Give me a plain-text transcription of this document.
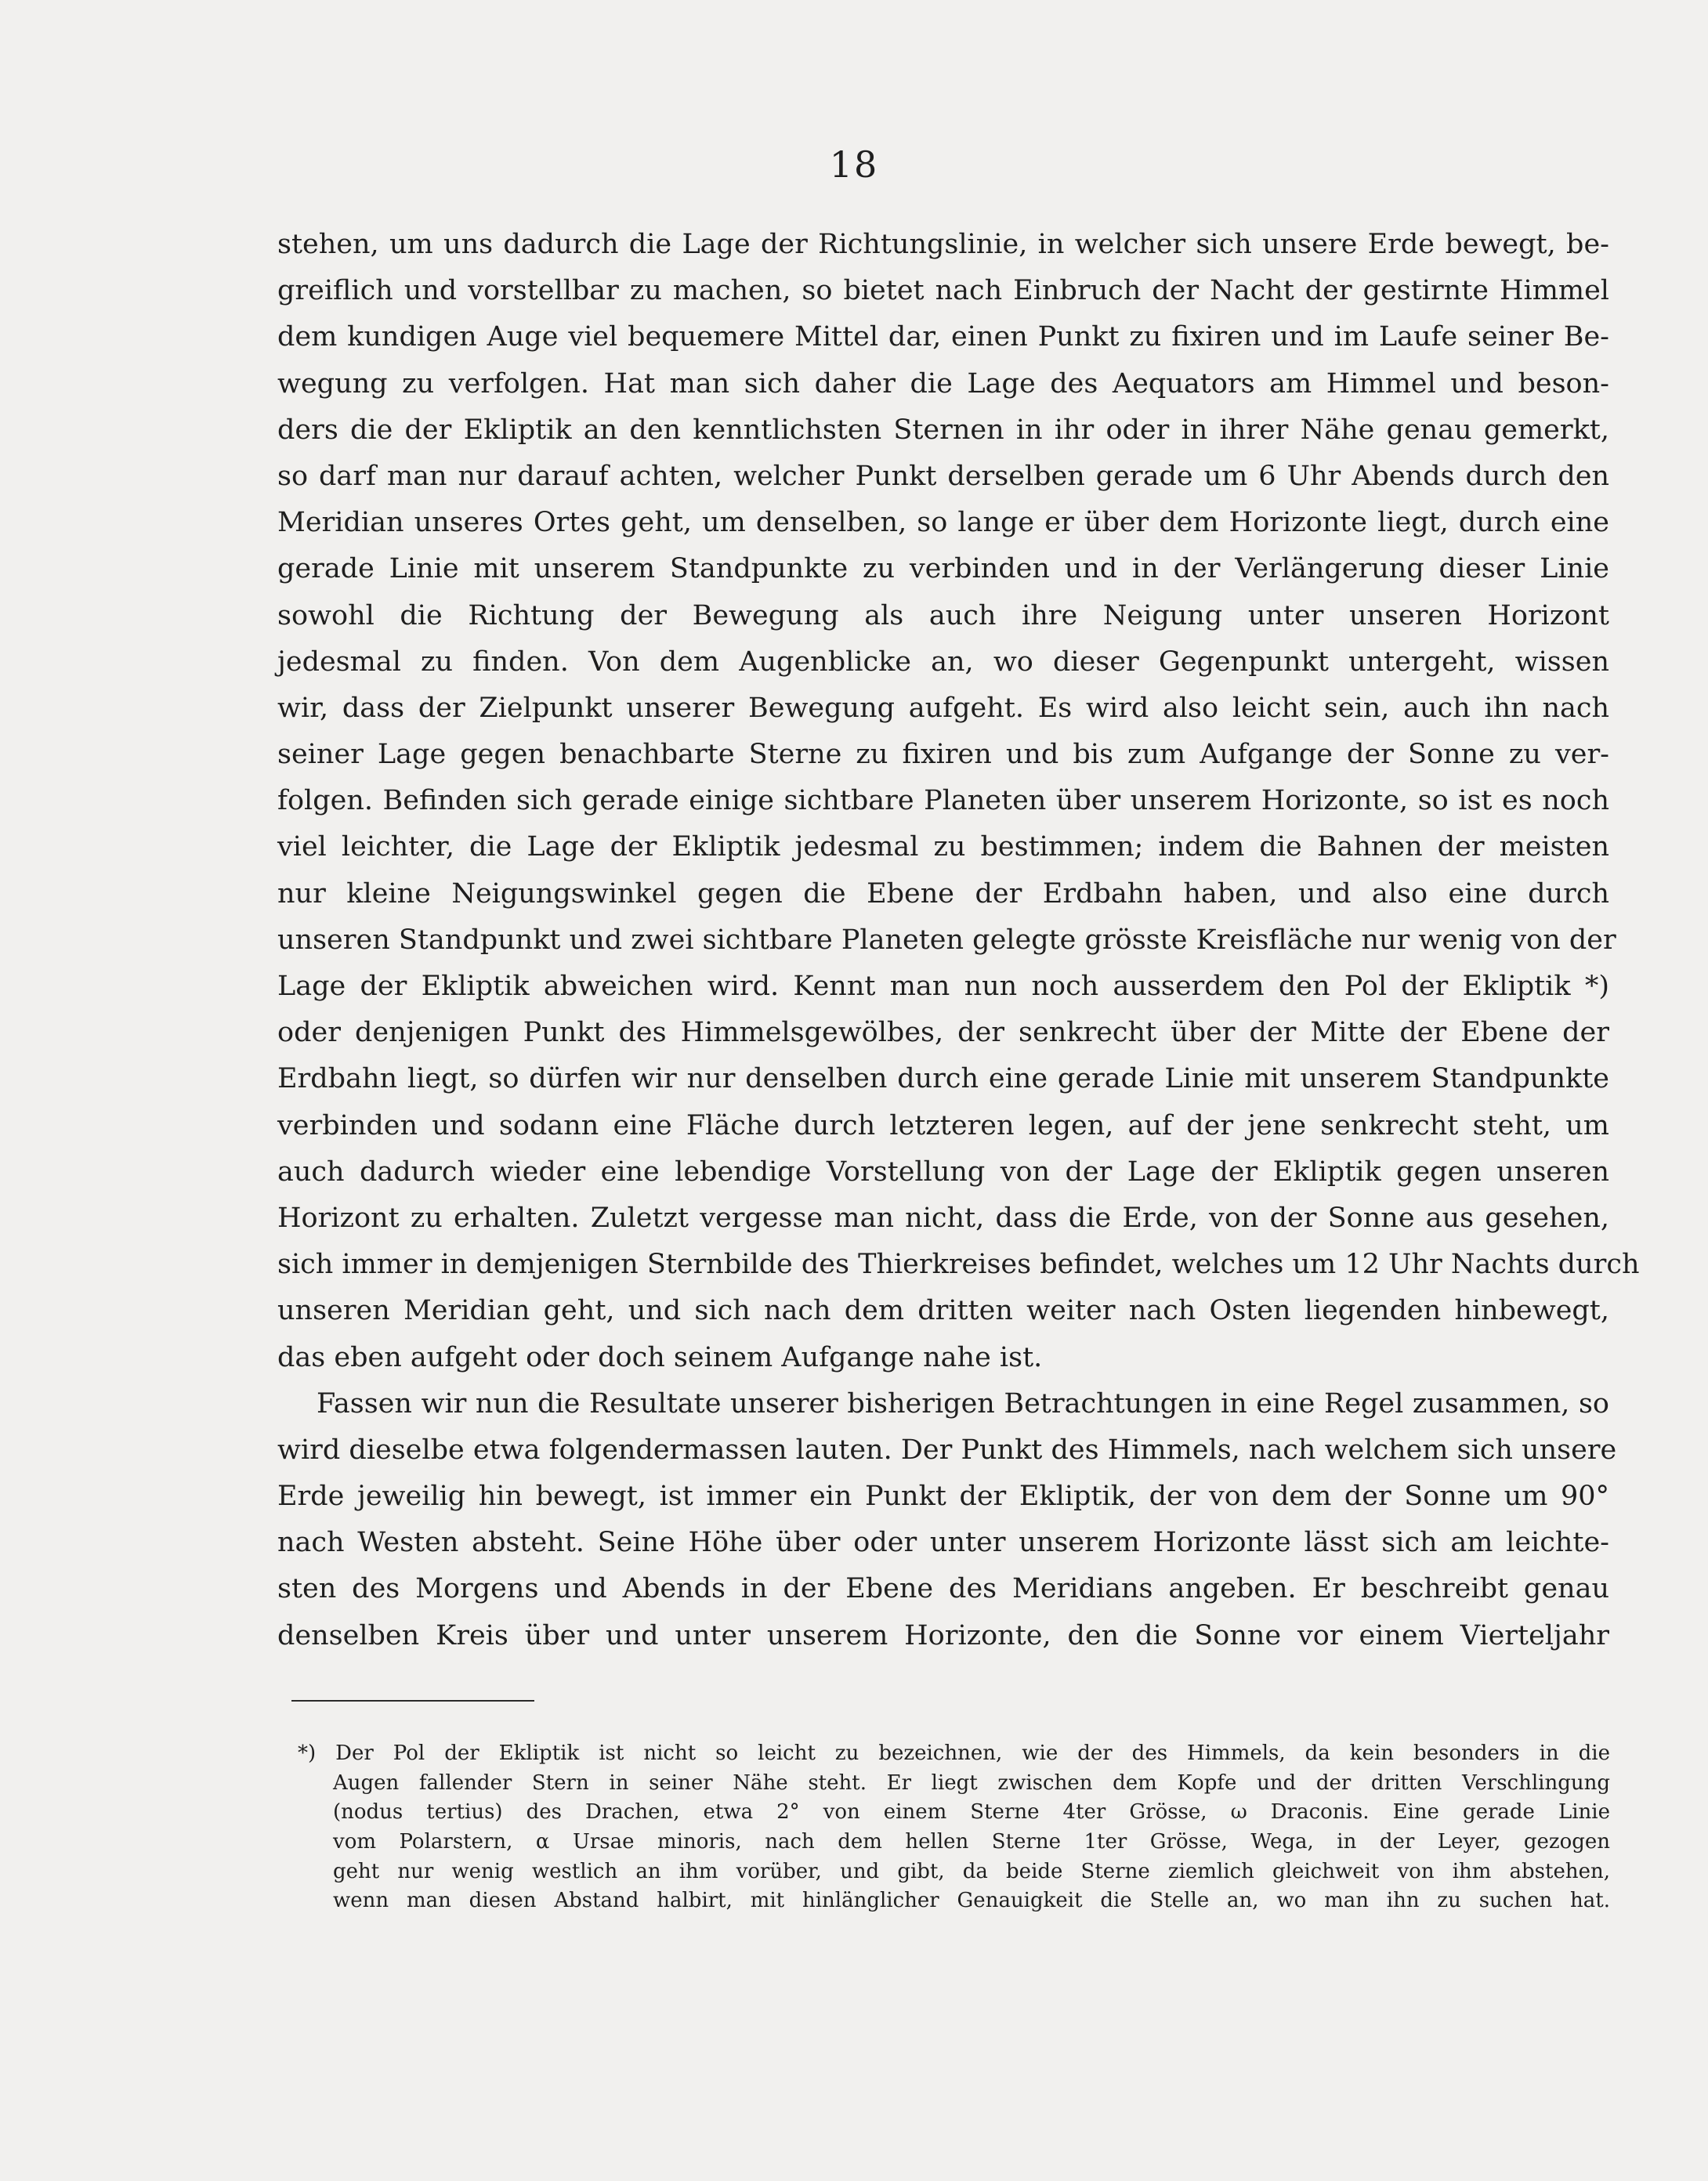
18
stehen, um uns dadurch die Lage der Richtungslinie, in welcher sich unsere Erde bewegt, be-
greiflich und vorstellbar zu machen, so bietet nach Einbruch der Nacht der gestirnte Himmel
dem kundigen Auge viel bequemere Mittel dar, einen Punkt zu fixiren und im Laufe seiner Be-
wegung zu verfolgen. Hat man sich daher die Lage des Aequators am Himmel und beson-
ders die der Ekliptik an den kenntlichsten Sternen in ihr oder in ihrer Nähe genau gemerkt,
so darf man nur darauf achten, welcher Punkt derselben gerade um 6 Uhr Abends durch den
Meridian unseres Ortes geht, um denselben, so lange er über dem Horizonte liegt, durch eine
gerade Linie mit unserem Standpunkte zu verbinden und in der Verlängerung dieser Linie
sowohl die Richtung der Bewegung als auch ihre Neigung unter unseren Horizont
jedesmal zu finden. Von dem Augenblicke an, wo dieser Gegenpunkt untergeht, wissen
wir, dass der Zielpunkt unserer Bewegung aufgeht. Es wird also leicht sein, auch ihn nach
seiner Lage gegen benachbarte Sterne zu fixiren und bis zum Aufgange der Sonne zu ver-
folgen. Befinden sich gerade einige sichtbare Planeten über unserem Horizonte, so ist es noch
viel leichter, die Lage der Ekliptik jedesmal zu bestimmen; indem die Bahnen der meisten
nur kleine Neigungswinkel gegen die Ebene der Erdbahn haben, und also eine durch
unseren Standpunkt und zwei sichtbare Planeten gelegte grösste Kreisfläche nur wenig von der
Lage der Ekliptik abweichen wird. Kennt man nun noch ausserdem den Pol der Ekliptik *)
oder denjenigen Punkt des Himmelsgewölbes, der senkrecht über der Mitte der Ebene der
Erdbahn liegt, so dürfen wir nur denselben durch eine gerade Linie mit unserem Standpunkte
verbinden und sodann eine Fläche durch letzteren legen, auf der jene senkrecht steht, um
auch dadurch wieder eine lebendige Vorstellung von der Lage der Ekliptik gegen unseren
Horizont zu erhalten. Zuletzt vergesse man nicht, dass die Erde, von der Sonne aus gesehen,
sich immer in demjenigen Sternbilde des Thierkreises befindet, welches um 12 Uhr Nachts durch
unseren Meridian geht, und sich nach dem dritten weiter nach Osten liegenden hinbewegt,
das eben aufgeht oder doch seinem Aufgange nahe ist.
Fassen wir nun die Resultate unserer bisherigen Betrachtungen in eine Regel zusammen, so
wird dieselbe etwa folgendermassen lauten. Der Punkt des Himmels, nach welchem sich unsere
Erde jeweilig hin bewegt, ist immer ein Punkt der Ekliptik, der von dem der Sonne um 90°
nach Westen absteht. Seine Höhe über oder unter unserem Horizonte lässt sich am leichte-
sten des Morgens und Abends in der Ebene des Meridians angeben. Er beschreibt genau
denselben Kreis über und unter unserem Horizonte, den die Sonne vor einem Vierteljahr
*) Der Pol der Ekliptik ist nicht so leicht zu bezeichnen, wie der des Himmels, da kein besonders in die
Augen fallender Stern in seiner Nähe steht. Er liegt zwischen dem Kopfe und der dritten Verschlingung
(nodus tertius) des Drachen, etwa 2° von einem Sterne 4ter Grösse, ω Draconis. Eine gerade Linie
vom Polarstern, α Ursae minoris, nach dem hellen Sterne 1ter Grösse, Wega, in der Leyer, gezogen
geht nur wenig westlich an ihm vorüber, und gibt, da beide Sterne ziemlich gleichweit von ihm abstehen,
wenn man diesen Abstand halbirt, mit hinlänglicher Genauigkeit die Stelle an, wo man ihn zu suchen hat.
